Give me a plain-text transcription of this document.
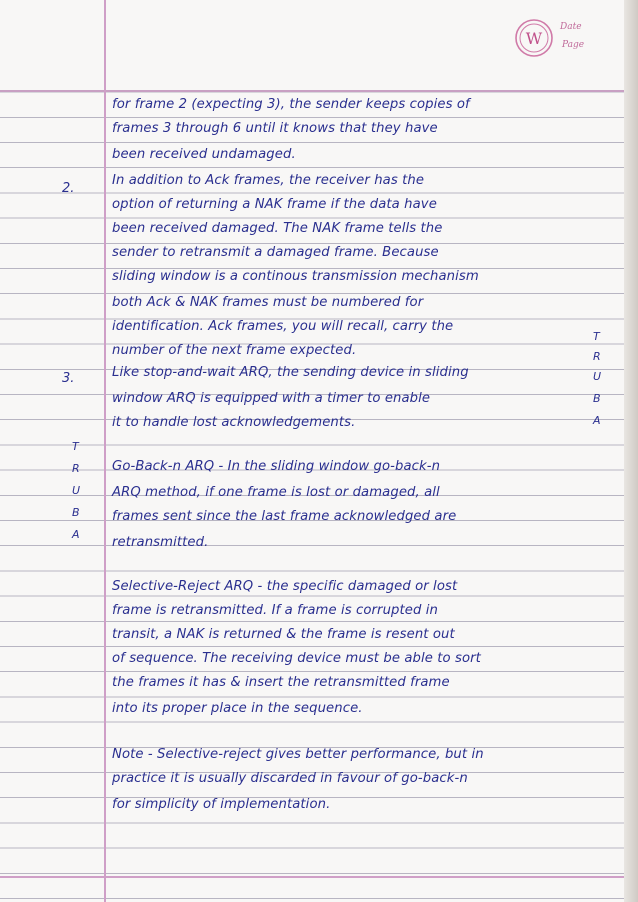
W
Date
Page
for frame 2 (expecting 3), the sender keeps copies of
frames 3 through 6 until it knows that they have
been received undamaged.
In addition to Ack frames, the receiver has the
option of returning a NAK frame if the data have
been received damaged. The NAK frame tells the
sender to retransmit a damaged frame. Because
sliding window is a continous transmission mechanism
both Ack & NAK frames must be numbered for
identification. Ack frames, you will recall, carry the
number of the next frame expected.
Like stop-and-wait ARQ, the sending device in sliding
window ARQ is equipped with a timer to enable
it to handle lost acknowledgements.
Go-Back-n ARQ - In the sliding window go-back-n
ARQ method, if one frame is lost or damaged, all
frames sent since the last frame acknowledged are
retransmitted.
Selective-Reject ARQ - the specific damaged or lost
frame is retransmitted. If a frame is corrupted in
transit, a NAK is returned & the frame is resent out
of sequence. The receiving device must be able to sort
the frames it has & insert the retransmitted frame
into its proper place in the sequence.
Note - Selective-reject gives better performance, but in
practice it is usually discarded in favour of go-back-n
for simplicity of implementation.
2.
3.
T
R
U
B
A
T
R
U
B
A
